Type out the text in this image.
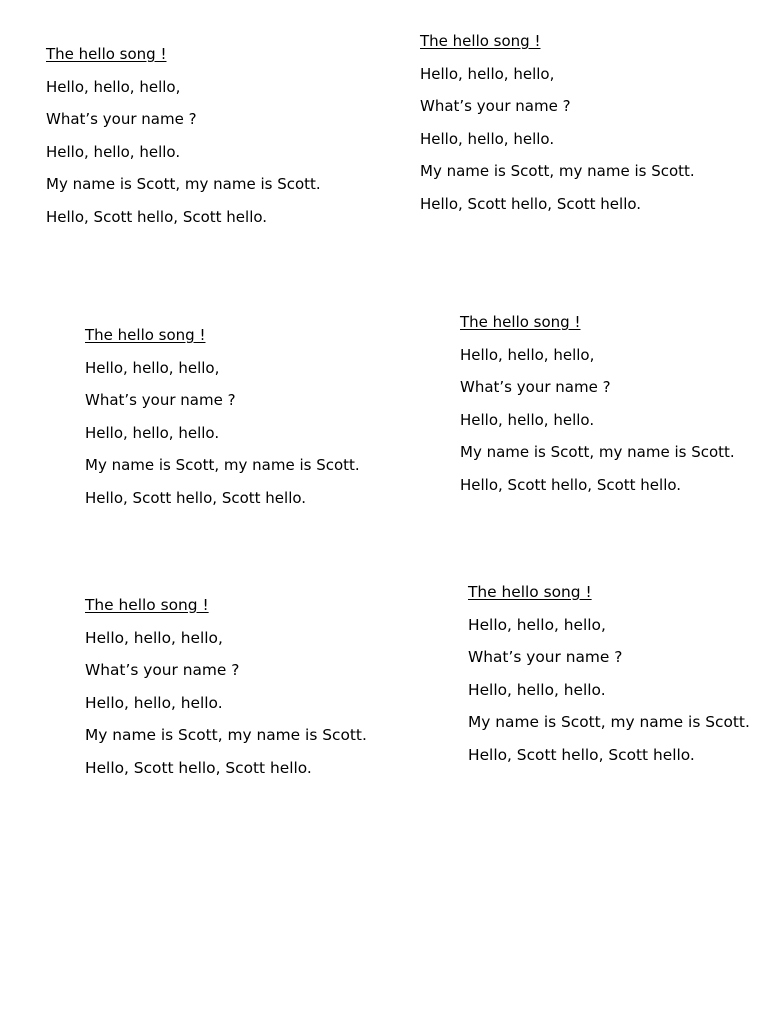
The hello song !
Hello, hello, hello,
What’s your name ?
Hello, hello, hello.
My name is Scott, my name is Scott.
Hello, Scott hello, Scott hello.
The hello song !
Hello, hello, hello,
What’s your name ?
Hello, hello, hello.
My name is Scott, my name is Scott.
Hello, Scott hello, Scott hello.
The hello song !
Hello, hello, hello,
What’s your name ?
Hello, hello, hello.
My name is Scott, my name is Scott.
Hello, Scott hello, Scott hello.
The hello song !
Hello, hello, hello,
What’s your name ?
Hello, hello, hello.
My name is Scott, my name is Scott.
Hello, Scott hello, Scott hello.
The hello song !
Hello, hello, hello,
What’s your name ?
Hello, hello, hello.
My name is Scott, my name is Scott.
Hello, Scott hello, Scott hello.
The hello song !
Hello, hello, hello,
What’s your name ?
Hello, hello, hello.
My name is Scott, my name is Scott.
Hello, Scott hello, Scott hello.
